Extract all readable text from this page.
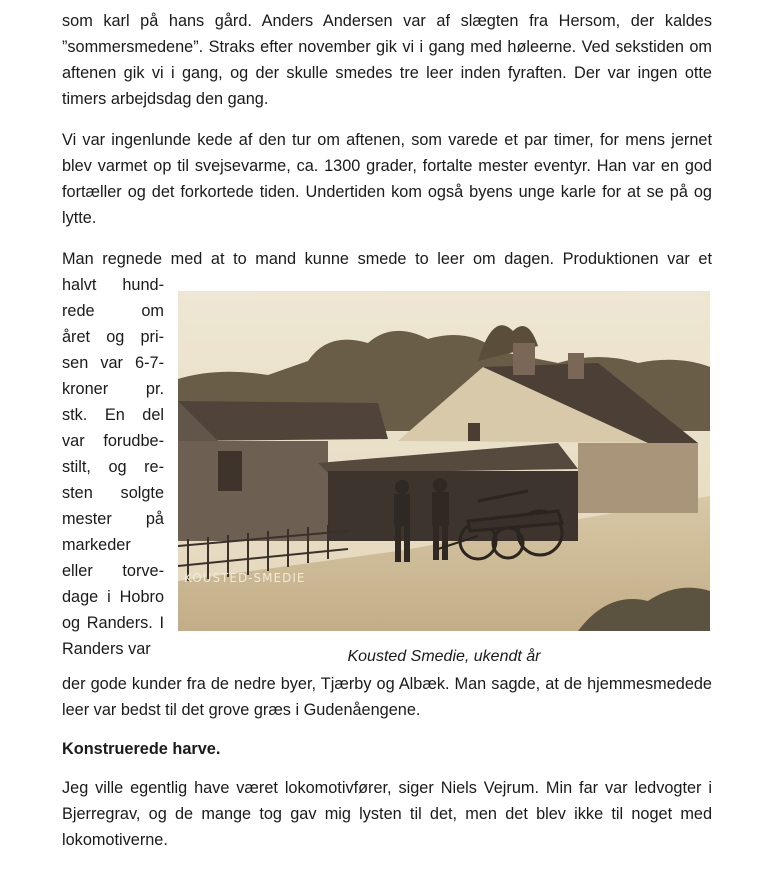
som karl på hans gård. Anders Andersen var af slægten fra Hersom, der kaldes ”sommersmedene”. Straks efter november gik vi i gang med høleerne. Ved sekstiden om aftenen gik vi i gang, og der skulle smedes tre leer inden fyraften. Der var ingen otte timers arbejdsdag den gang.

Vi var ingenlunde kede af den tur om aftenen, som varede et par timer, for mens jernet blev varmet op til svejsevarme, ca. 1300 grader, fortalte mester eventyr. Han var en god fortæller og det forkortede tiden. Undertiden kom også byens unge karle for at se på og lytte.

Man regnede med at to mand kunne smede to leer om dagen. Produktionen var et

halvt hund-

rede om

året og pri-

sen var 6-7-

kroner pr.

stk. En del

var forudbe-

stilt, og re-

sten solgte

mester på

markeder

eller torve-

dage i Hobro

og Randers. I

Randers var

KOUSTED-SMEDIE
Kousted Smedie, ukendt år

der gode kunder fra de nedre byer, Tjærby og Albæk. Man sagde, at de hjemmesmedede leer var bedst til det grove græs i Gudenåengene.

Konstruerede harve.

Jeg ville egentlig have været lokomotivfører, siger Niels Vejrum. Min far var ledvogter i Bjerregrav, og de mange tog gav mig lysten til det, men det blev ikke til noget med lokomotiverne.
